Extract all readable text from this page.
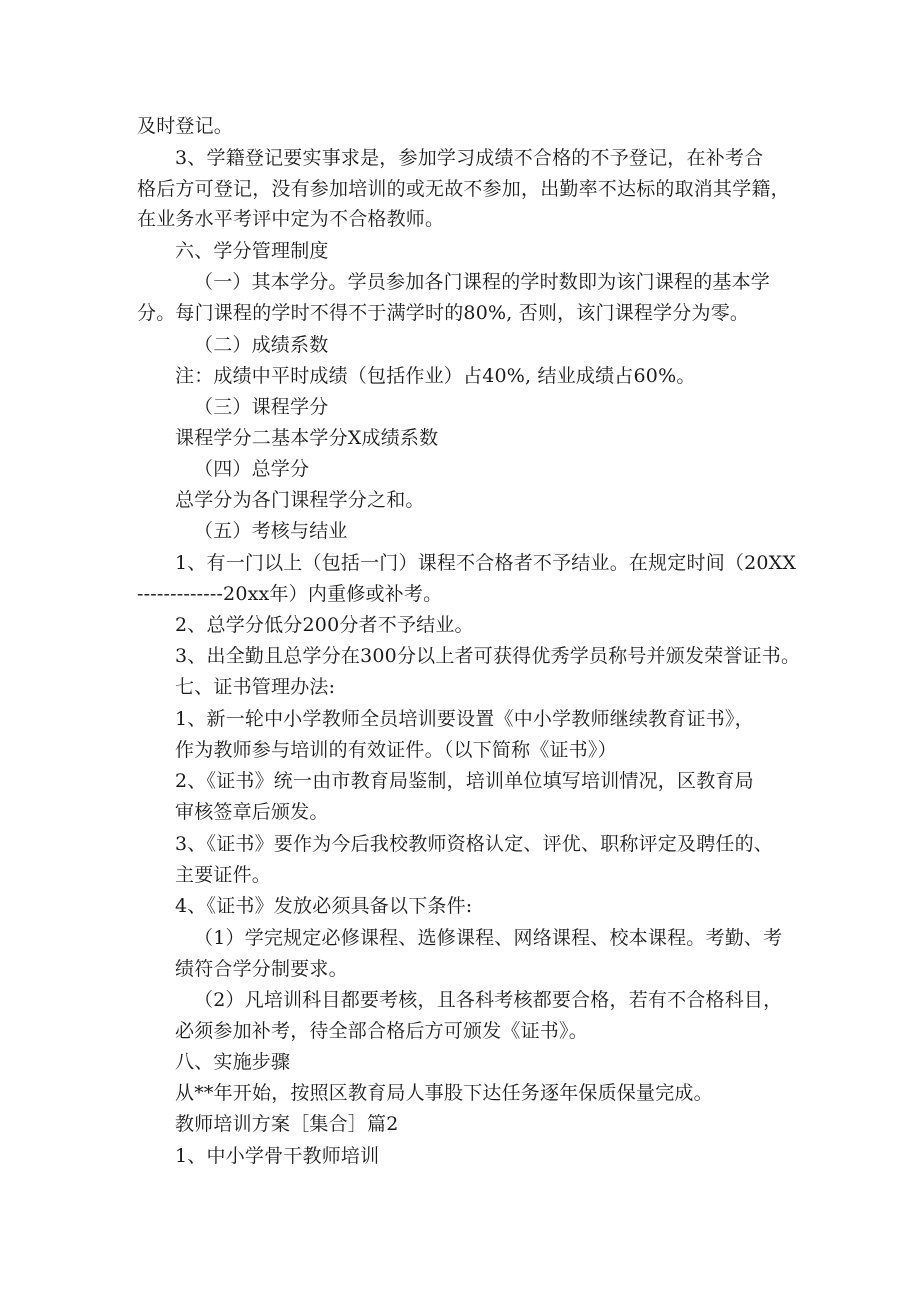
及时登记。
3、学籍登记要实事求是，参加学习成绩不合格的不予登记，在补考合
格后方可登记，没有参加培训的或无故不参加，出勤率不达标的取消其学籍，
在业务水平考评中定为不合格教师。
六、学分管理制度
（一）其本学分。学员参加各门课程的学时数即为该门课程的基本学
分。每门课程的学时不得不于满学时的80%, 否则，该门课程学分为零。
（二）成绩系数
注：成绩中平时成绩（包括作业）占40%, 结业成绩占60%。
（三）课程学分
课程学分二基本学分X成绩系数
（四）总学分
总学分为各门课程学分之和。
（五）考核与结业
1、有一门以上（包括一门）课程不合格者不予结业。在规定时间（20XX
-------------20xx年）内重修或补考。
2、总学分低分200分者不予结业。
3、出全勤且总学分在300分以上者可获得优秀学员称号并颁发荣誉证书。
七、证书管理办法:
1、新一轮中小学教师全员培训要设置《中小学教师继续教育证书》，
作为教师参与培训的有效证件。（以下简称《证书》）
2、《证书》统一由市教育局鉴制，培训单位填写培训情况，区教育局
审核签章后颁发。
3、《证书》要作为今后我校教师资格认定、评优、职称评定及聘任的、
主要证件。
4、《证书》发放必须具备以下条件:
（1）学完规定必修课程、选修课程、网络课程、校本课程。考勤、考
绩符合学分制要求。
（2）凡培训科目都要考核，且各科考核都要合格，若有不合格科目，
必须参加补考，待全部合格后方可颁发《证书》。
八、实施步骤
从**年开始，按照区教育局人事股下达任务逐年保质保量完成。
教师培训方案［集合］篇2
1、中小学骨干教师培训
